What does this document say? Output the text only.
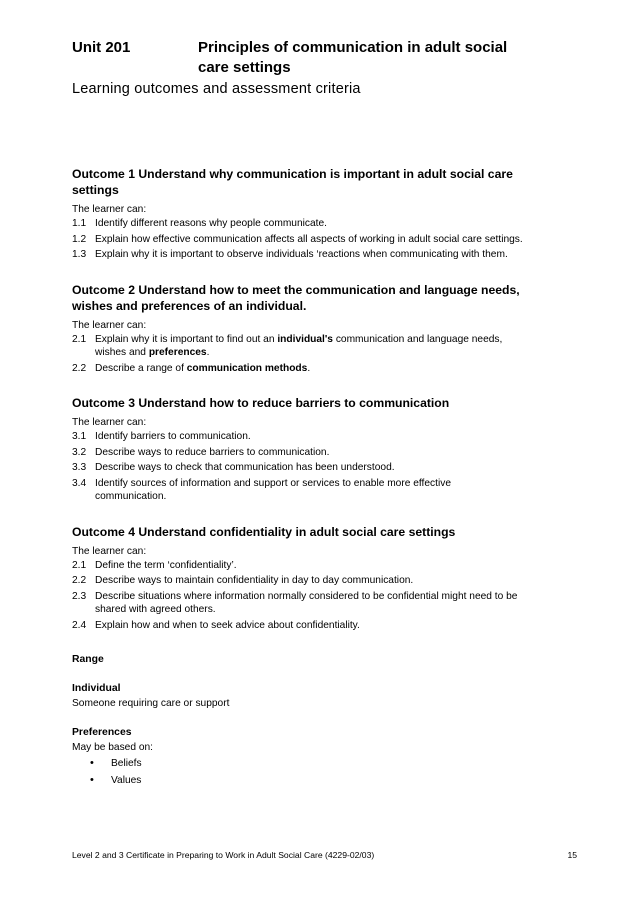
Unit 201	Principles of communication in adult social
care settings
Learning outcomes and assessment criteria
Outcome 1 Understand why communication is important in adult social care
settings
The learner can:
1.1 Identify different reasons why people communicate.
1.2 Explain how effective communication affects all aspects of working in adult social care settings.
1.3 Explain why it is important to observe individuals ‘reactions when communicating with them.
Outcome 2 Understand how to meet the communication and language needs,
wishes and preferences of an individual.
The learner can:
2.1 Explain why it is important to find out an individual's communication and language needs,
wishes and preferences.
2.2 Describe a range of communication methods.
Outcome 3 Understand how to reduce barriers to communication
The learner can:
3.1 Identify barriers to communication.
3.2 Describe ways to reduce barriers to communication.
3.3 Describe ways to check that communication has been understood.
3.4 Identify sources of information and support or services to enable more effective
communication.
Outcome 4 Understand confidentiality in adult social care settings
The learner can:
2.1 Define the term ‘confidentiality’.
2.2 Describe ways to maintain confidentiality in day to day communication.
2.3 Describe situations where information normally considered to be confidential might need to be
shared with agreed others.
2.4 Explain how and when to seek advice about confidentiality.
Range
Individual
Someone requiring care or support
Preferences
May be based on:
•	Beliefs
•	Values
Level 2 and 3 Certificate in Preparing to Work in Adult Social Care (4229-02/03)	15
